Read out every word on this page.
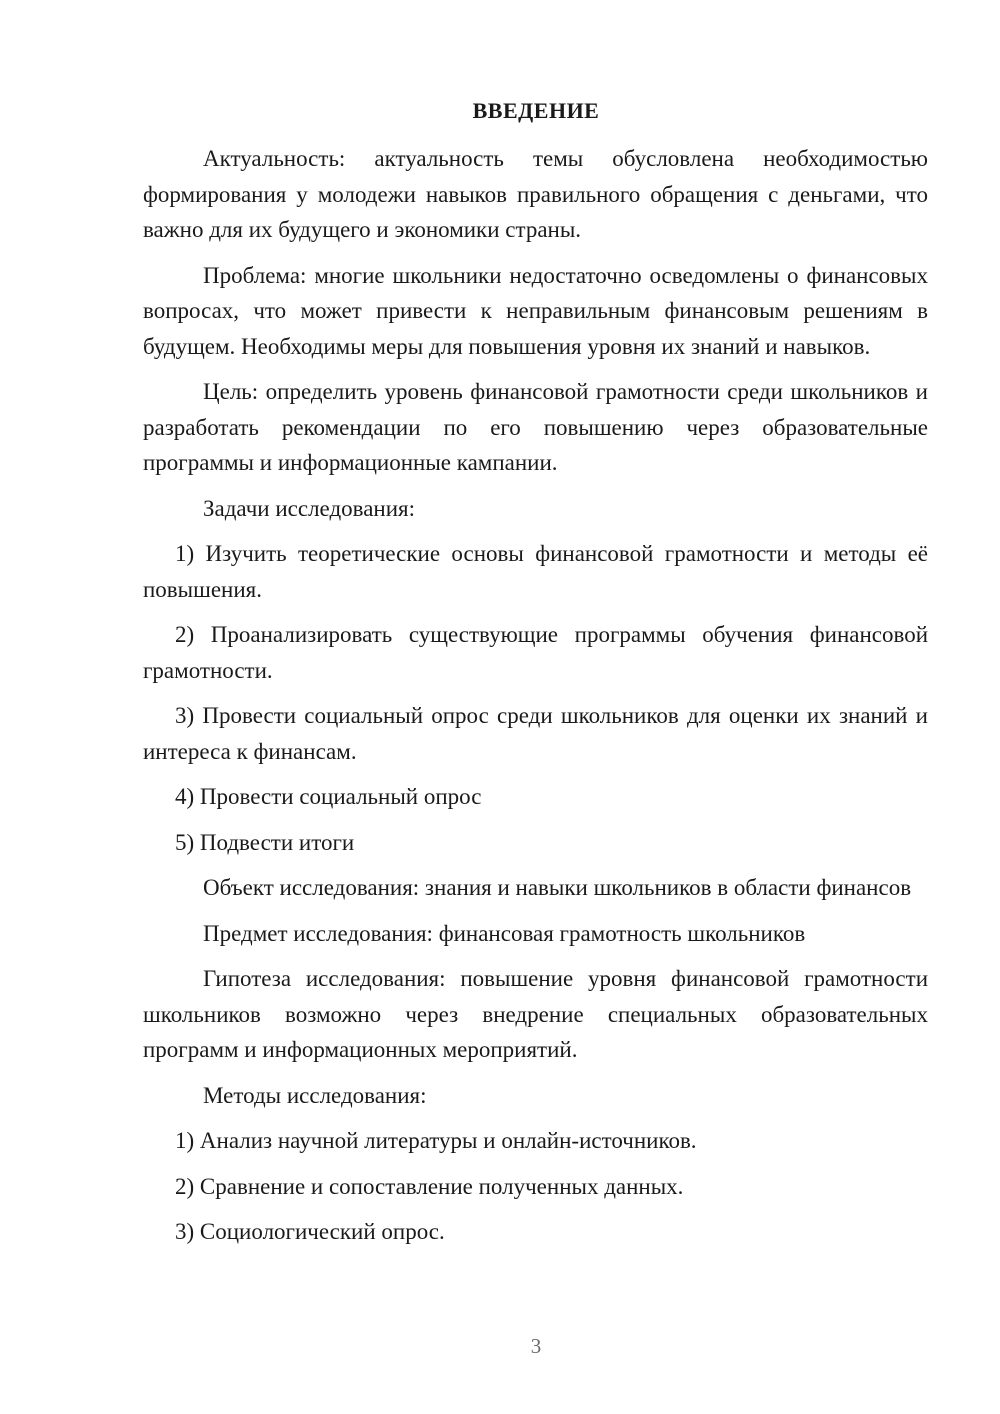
ВВЕДЕНИЕ

Актуальность: актуальность темы обусловлена необходимостью формирования у молодежи навыков правильного обращения с деньгами, что важно для их будущего и экономики страны.

Проблема: многие школьники недостаточно осведомлены о финансовых вопросах, что может привести к неправильным финансовым решениям в будущем. Необходимы меры для повышения уровня их знаний и навыков.

Цель: определить уровень финансовой грамотности среди школьников и разработать рекомендации по его повышению через образовательные программы и информационные кампании.

Задачи исследования:

1) Изучить теоретические основы финансовой грамотности и методы её повышения.

2) Проанализировать существующие программы обучения финансовой грамотности.

3) Провести социальный опрос среди школьников для оценки их знаний и интереса к финансам.

4) Провести социальный опрос

5) Подвести итоги

Объект исследования: знания и навыки школьников в области финансов

Предмет исследования: финансовая грамотность школьников

Гипотеза исследования: повышение уровня финансовой грамотности школьников возможно через внедрение специальных образовательных программ и информационных мероприятий.

Методы исследования:

1) Анализ научной литературы и онлайн-источников.

2) Сравнение и сопоставление полученных данных.

3) Социологический опрос.

3
